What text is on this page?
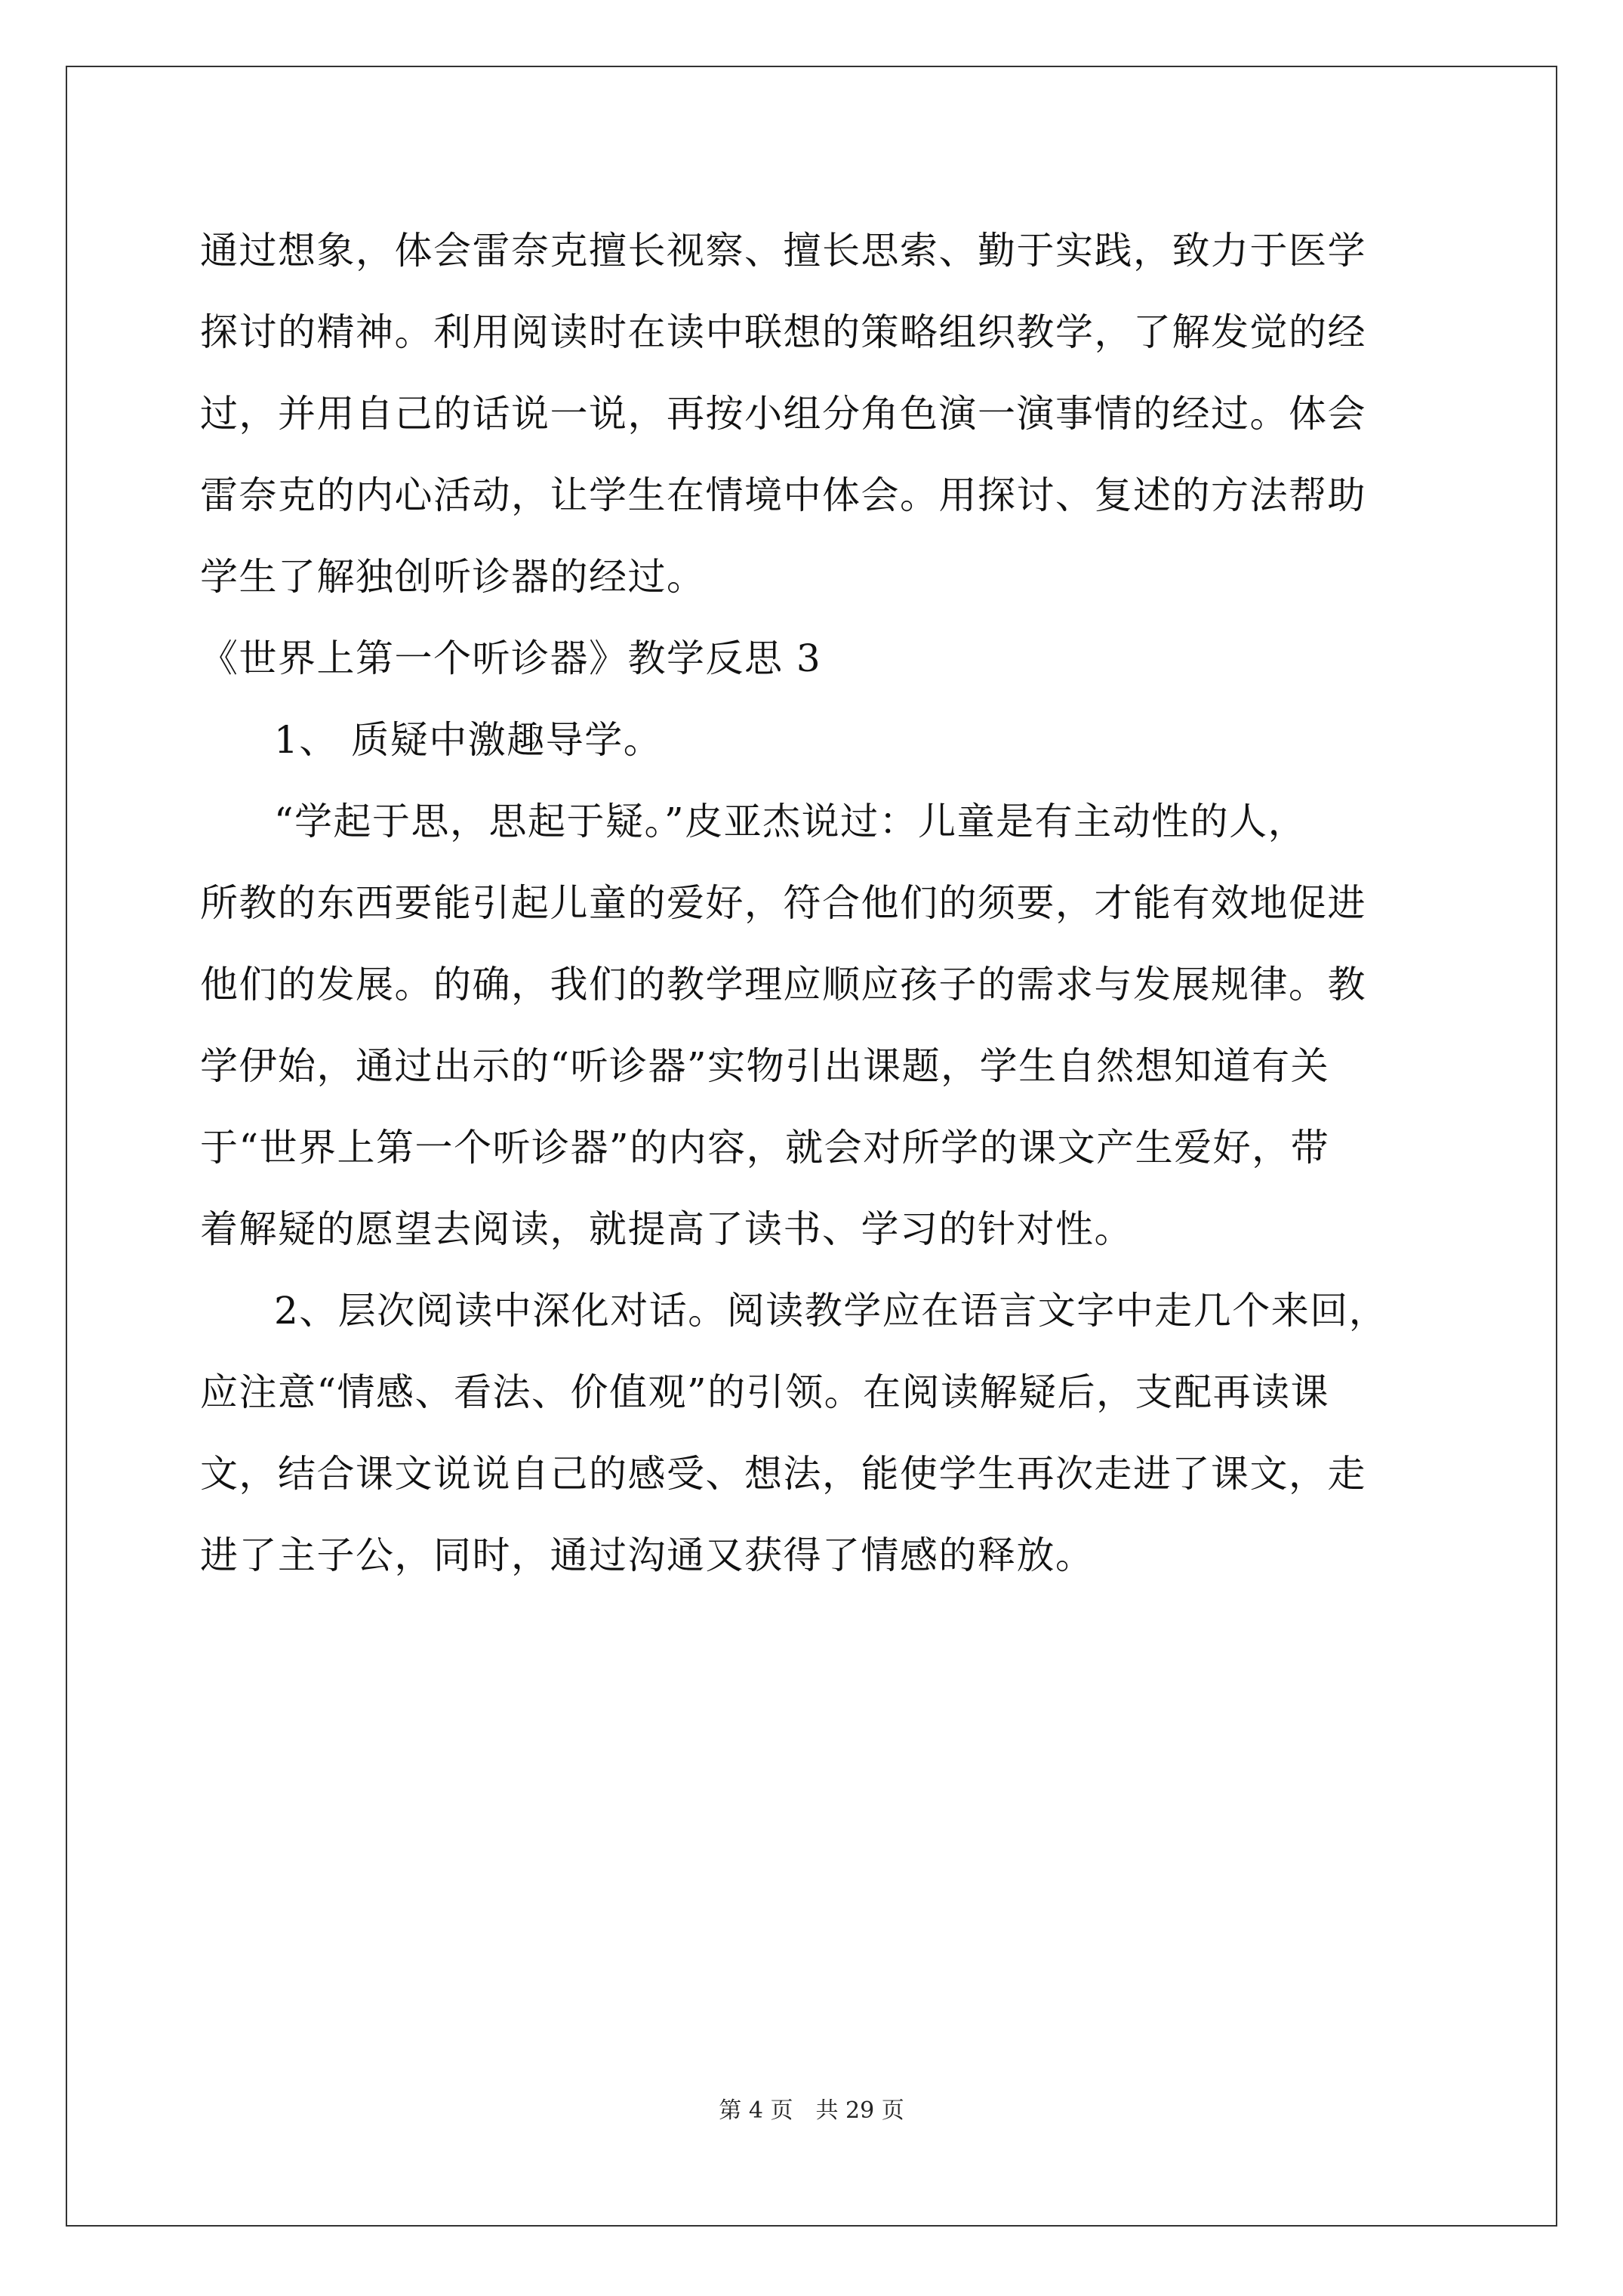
通过想象，体会雷奈克擅长视察、擅长思索、勤于实践，致力于医学
探讨的精神。利用阅读时在读中联想的策略组织教学，了解发觉的经
过，并用自己的话说一说，再按小组分角色演一演事情的经过。体会
雷奈克的内心活动，让学生在情境中体会。用探讨、复述的方法帮助
学生了解独创听诊器的经过。
《世界上第一个听诊器》教学反思 3
1、 质疑中激趣导学。
“学起于思，思起于疑。”皮亚杰说过：儿童是有主动性的人，
所教的东西要能引起儿童的爱好，符合他们的须要，才能有效地促进
他们的发展。的确，我们的教学理应顺应孩子的需求与发展规律。教
学伊始，通过出示的“听诊器”实物引出课题，学生自然想知道有关
于“世界上第一个听诊器”的内容，就会对所学的课文产生爱好，带
着解疑的愿望去阅读，就提高了读书、学习的针对性。
2、层次阅读中深化对话。阅读教学应在语言文字中走几个来回，
应注意“情感、看法、价值观”的引领。在阅读解疑后，支配再读课
文，结合课文说说自己的感受、想法，能使学生再次走进了课文，走
进了主子公，同时，通过沟通又获得了情感的释放。
第 4 页　共 29 页
